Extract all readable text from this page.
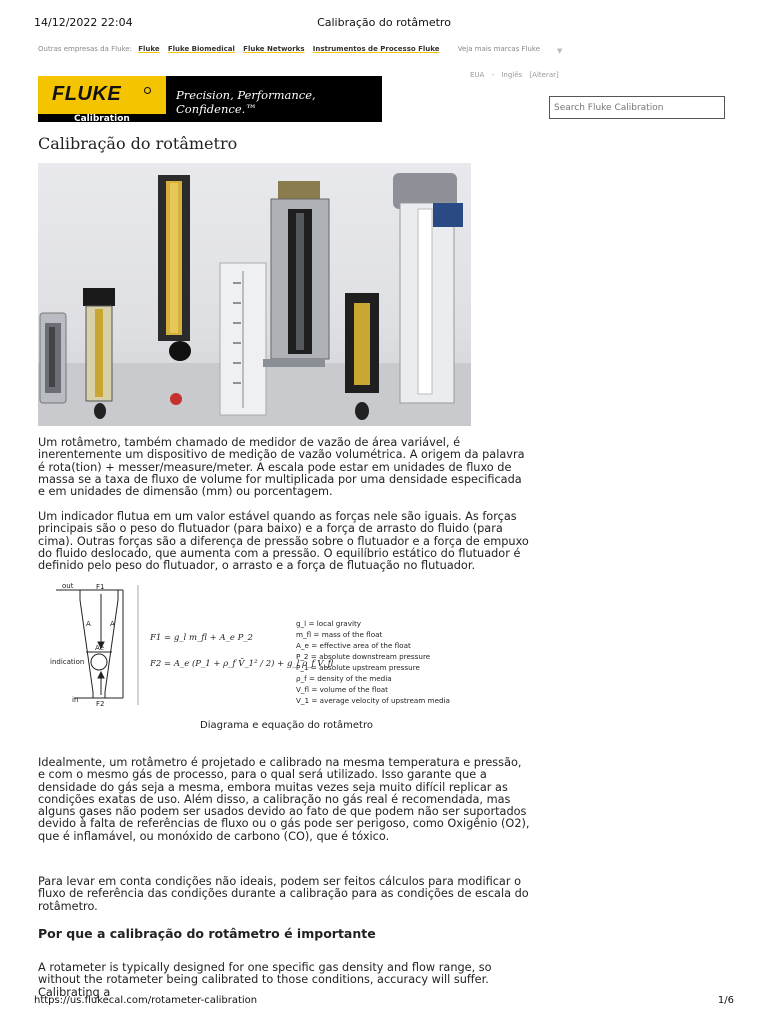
14/12/2022 22:04	Calibração do rotâmetro
Outras empresas da Fluke: Fluke Fluke Biomedical Fluke Networks Instrumentos de Processo Fluke	Veja mais marcas Fluke ▼
EUA - Inglês [Alterar]
FLUKE	Precision, Performance, Confidence.™
Calibration
Search Fluke Calibration
Calibração do rotâmetro

Um rotâmetro, também chamado de medidor de vazão de área variável, é inerentemente um dispositivo de medição de vazão volumétrica. A origem da palavra é rota(tion) + messer/measure/meter. A escala pode estar em unidades de fluxo de massa se a taxa de fluxo de volume for multiplicada por uma densidade especificada e em unidades de dimensão (mm) ou porcentagem.

Um indicador flutua em um valor estável quando as forças nele são iguais. As forças principais são o peso do flutuador (para baixo) e a força de arrasto do fluido (para cima). Outras forças são a diferença de pressão sobre o flutuador e a força de empuxo do fluido deslocado, que aumenta com a pressão. O equilíbrio estático do flutuador é definido pelo peso do flutuador, o arrasto e a força de flutuação no flutuador.

out
in
F1
F2
A	A
Ae
indication
F1 = g_l m_fl + A_e P_2
F2 = A_e (P_1 + ρ_f V̄_1² / 2) + g_l ρ_f V_fl
g_l = local gravity
m_fl = mass of the float
A_e = effective area of the float
P_2 = absolute downstream pressure
P_1 = absolute upstream pressure
ρ_f = density of the media
V_fl = volume of the float
V_1 = average velocity of upstream media
Diagrama e equação do rotâmetro

Idealmente, um rotâmetro é projetado e calibrado na mesma temperatura e pressão, e com o mesmo gás de processo, para o qual será utilizado. Isso garante que a densidade do gás seja a mesma, embora muitas vezes seja muito difícil replicar as condições exatas de uso. Além disso, a calibração no gás real é recomendada, mas alguns gases não podem ser usados devido ao fato de que podem não ser suportados devido à falta de referências de fluxo ou o gás pode ser perigoso, como Oxigênio (O2), que é inflamável, ou monóxido de carbono (CO), que é tóxico.

Para levar em conta condições não ideais, podem ser feitos cálculos para modificar o fluxo de referência das condições durante a calibração para as condições de escala do rotâmetro.

Por que a calibração do rotâmetro é importante

A rotameter is typically designed for one specific gas density and flow range, so without the rotameter being calibrated to those conditions, accuracy will suffer. Calibrating a

https://us.flukecal.com/rotameter-calibration	1/6
